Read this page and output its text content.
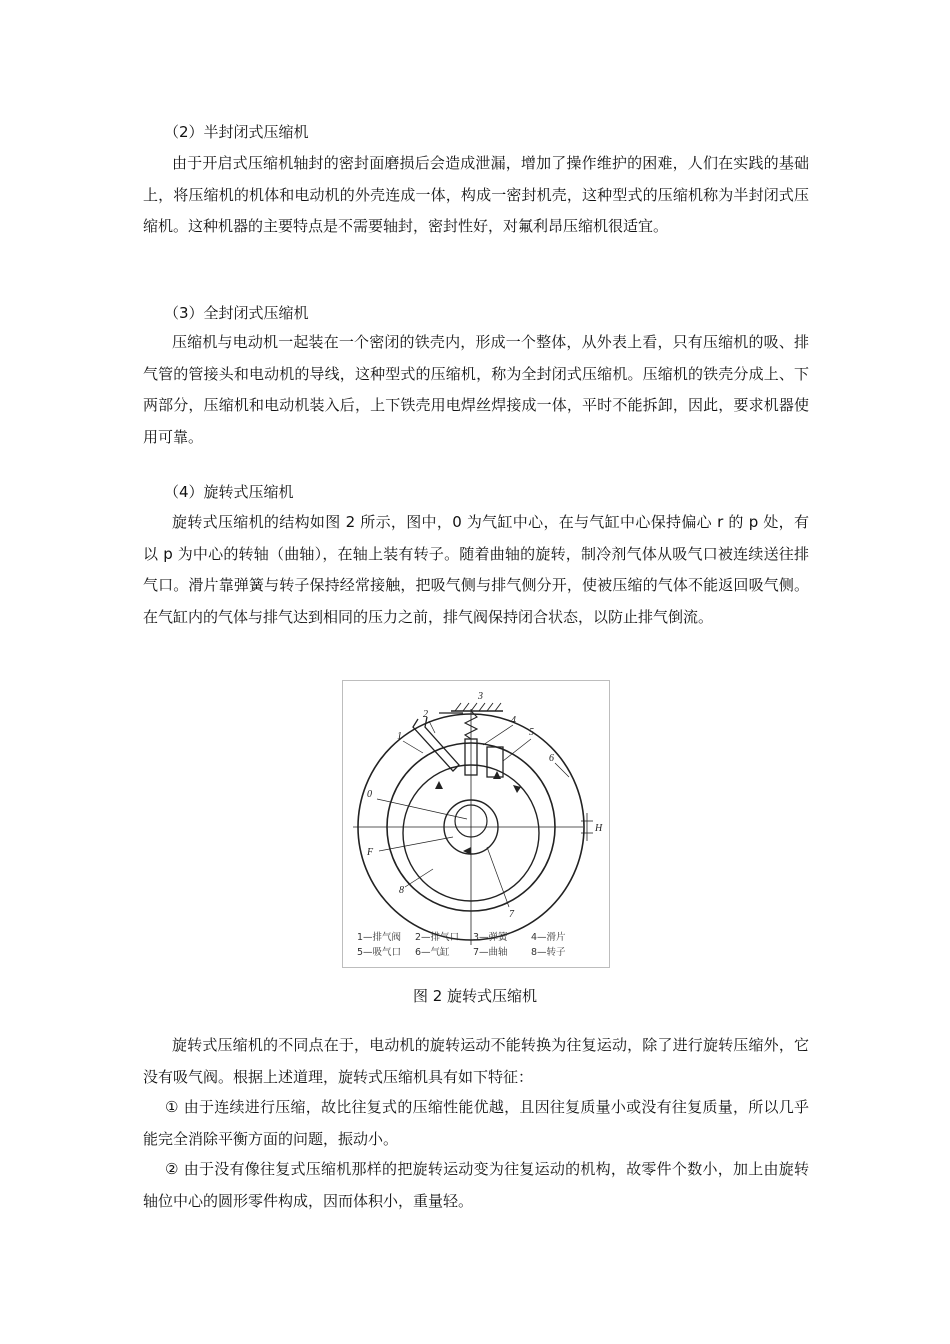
（2）半封闭式压缩机

由于开启式压缩机轴封的密封面磨损后会造成泄漏，增加了操作维护的困难，人们在实践的基础上，将压缩机的机体和电动机的外壳连成一体，构成一密封机壳，这种型式的压缩机称为半封闭式压缩机。这种机器的主要特点是不需要轴封，密封性好，对氟利昂压缩机很适宜。

（3）全封闭式压缩机

压缩机与电动机一起装在一个密闭的铁壳内，形成一个整体，从外表上看，只有压缩机的吸、排气管的管接头和电动机的导线，这种型式的压缩机，称为全封闭式压缩机。压缩机的铁壳分成上、下两部分，压缩机和电动机装入后，上下铁壳用电焊丝焊接成一体，平时不能拆卸，因此，要求机器使用可靠。

（4）旋转式压缩机

旋转式压缩机的结构如图 2 所示，图中，0 为气缸中心，在与气缸中心保持偏心 r 的 p 处，有以 p 为中心的转轴（曲轴），在轴上装有转子。随着曲轴的旋转，制冷剂气体从吸气口被连续送往排气口。滑片靠弹簧与转子保持经常接触，把吸气侧与排气侧分开，使被压缩的气体不能返回吸气侧。在气缸内的气体与排气达到相同的压力之前，排气阀保持闭合状态，以防止排气倒流。

1
2
3
4
5
6
0
F
8
7
H
1—排气阀 2—排气口 3—弹簧 4—滑片
5—吸气口 6—气缸 7—曲轴 8—转子
图 2 旋转式压缩机

旋转式压缩机的不同点在于，电动机的旋转运动不能转换为往复运动，除了进行旋转压缩外，它没有吸气阀。根据上述道理，旋转式压缩机具有如下特征：

① 由于连续进行压缩，故比往复式的压缩性能优越，且因往复质量小或没有往复质量，所以几乎能完全消除平衡方面的问题，振动小。

② 由于没有像往复式压缩机那样的把旋转运动变为往复运动的机构，故零件个数小，加上由旋转轴位中心的圆形零件构成，因而体积小，重量轻。
